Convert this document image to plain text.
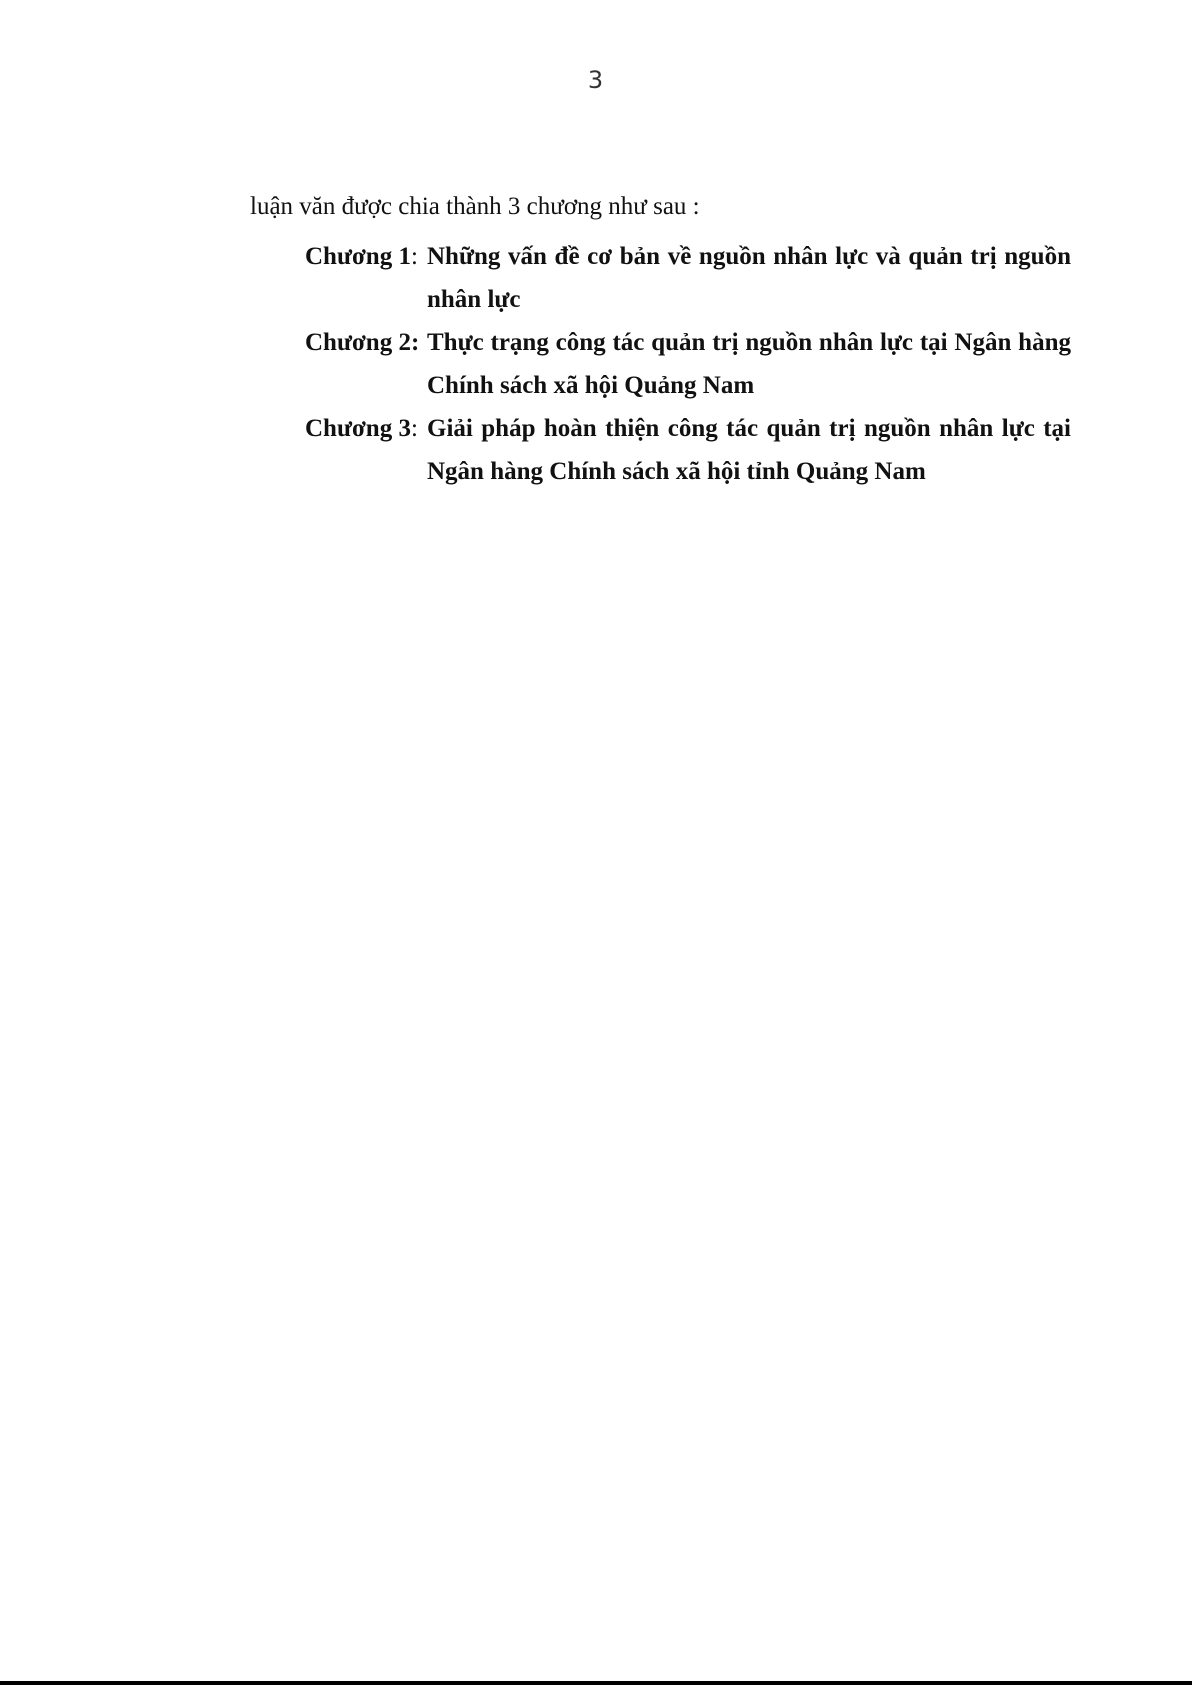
3
luận văn được chia thành 3 chương như sau :
Chương 1: Những vấn đề cơ bản về nguồn nhân lực và quản trị nguồn nhân lực
Chương 2: Thực trạng công tác quản trị nguồn nhân lực tại Ngân hàng Chính sách xã hội Quảng Nam
Chương 3: Giải pháp hoàn thiện công tác quản trị nguồn nhân lực tại Ngân hàng Chính sách xã hội tỉnh Quảng Nam
